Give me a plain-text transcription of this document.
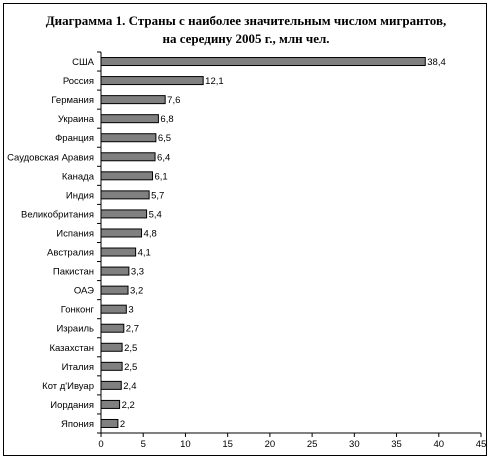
Диаграмма 1. Страны с наиболее значительным числом мигрантов,
на середину 2005 г., млн чел.
0	5	10	15	20	25	30	35	40	45
США	38,4
Россия	12,1
Германия	7,6
Украина	6,8
Франция	6,5
Саудовская Аравия	6,4
Канада	6,1
Индия	5,7
Великобритания	5,4
Испания	4,8
Австралия	4,1
Пакистан	3,3
ОАЭ	3,2
Гонконг	3
Израиль	2,7
Казахстан	2,5
Италия	2,5
Кот д'Ивуар	2,4
Иордания	2,2
Япония	2
